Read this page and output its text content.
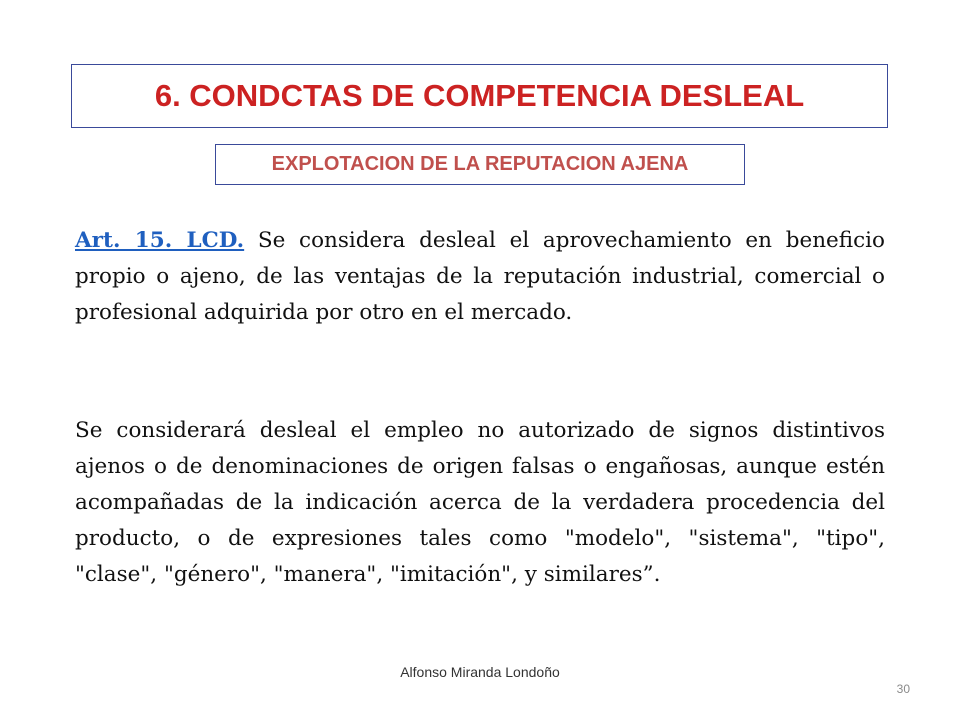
6. CONDCTAS DE COMPETENCIA DESLEAL
EXPLOTACION DE LA REPUTACION AJENA

Art. 15. LCD. Se considera desleal el aprovechamiento en beneficio propio o ajeno, de las ventajas de la reputación industrial, comercial o profesional adquirida por otro en el mercado.

Se considerará desleal el empleo no autorizado de signos distintivos ajenos o de denominaciones de origen falsas o engañosas, aunque estén acompañadas de la indicación acerca de la verdadera procedencia del producto, o de expresiones tales como "modelo", "sistema", "tipo", "clase", "género", "manera", "imitación", y similares”.

Alfonso Miranda Londoño
30
